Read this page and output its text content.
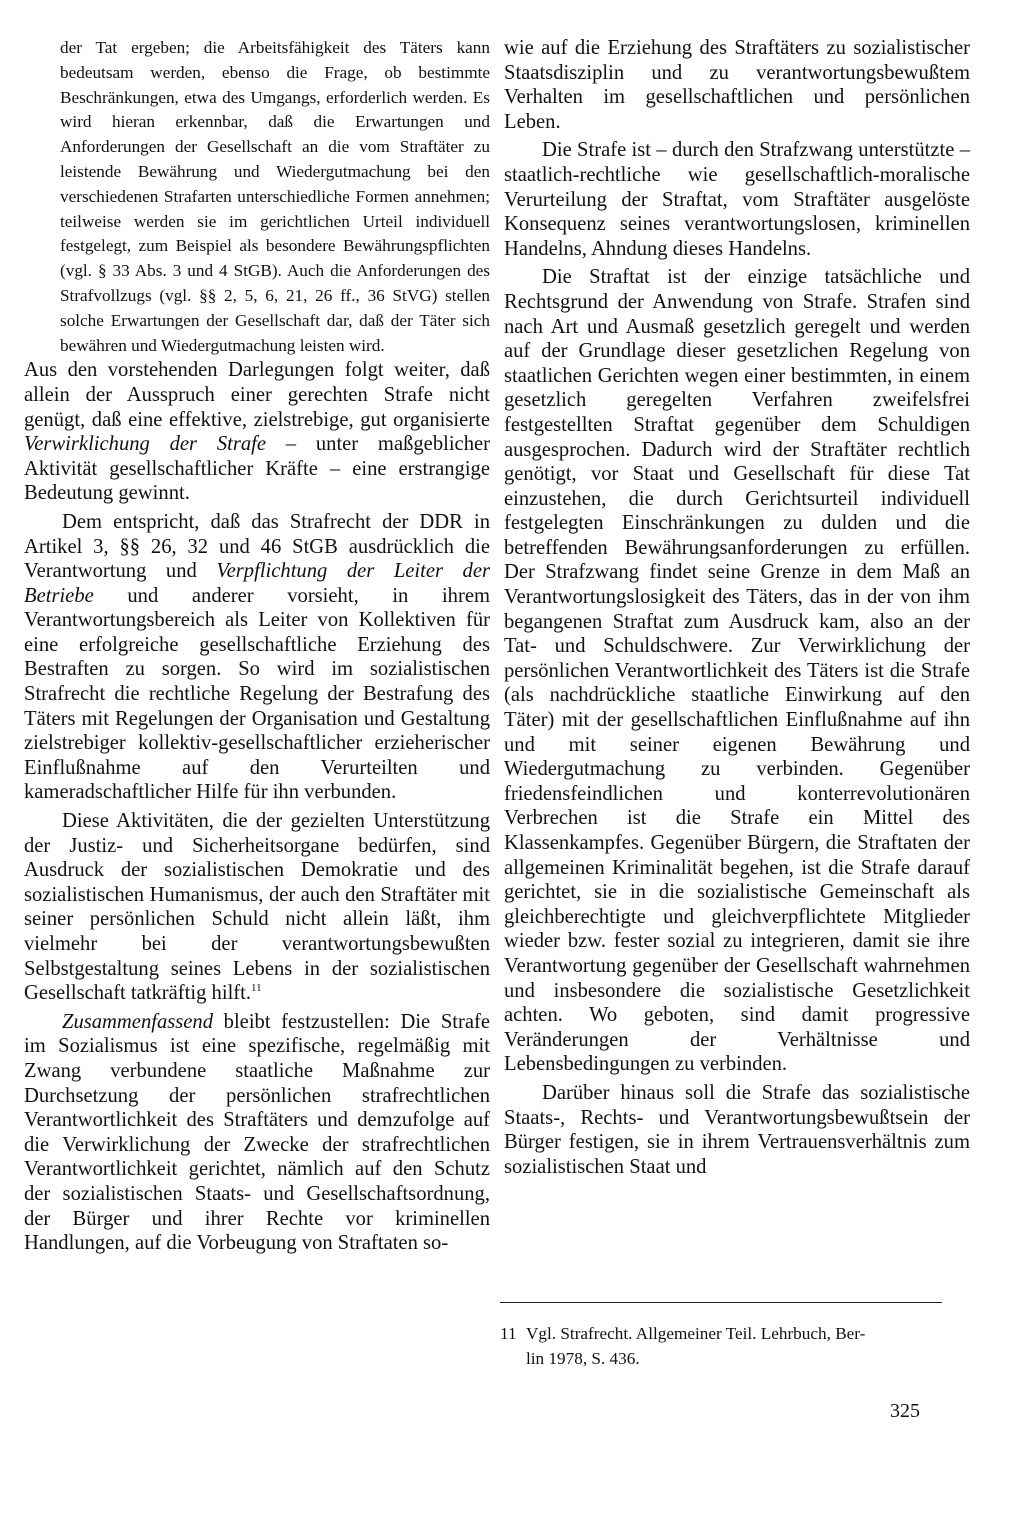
der Tat ergeben; die Arbeitsfähigkeit des Täters kann bedeutsam werden, ebenso die Frage, ob bestimmte Beschränkungen, etwa des Umgangs, erforderlich werden. Es wird hieran erkennbar, daß die Erwartungen und Anforderungen der Gesellschaft an die vom Straftäter zu leistende Bewährung und Wiedergutmachung bei den verschiedenen Strafarten unterschiedliche Formen annehmen; teilweise werden sie im gerichtlichen Urteil individuell festgelegt, zum Beispiel als besondere Bewährungspflichten (vgl. § 33 Abs. 3 und 4 StGB). Auch die Anforderungen des Strafvollzugs (vgl. §§ 2, 5, 6, 21, 26 ff., 36 StVG) stellen solche Erwartungen der Gesellschaft dar, daß der Täter sich bewähren und Wiedergutmachung leisten wird.

Aus den vorstehenden Darlegungen folgt weiter, daß allein der Ausspruch einer gerechten Strafe nicht genügt, daß eine effektive, zielstrebige, gut organisierte Verwirklichung der Strafe – unter maßgeblicher Aktivität gesellschaftlicher Kräfte – eine erstrangige Bedeutung gewinnt.

Dem entspricht, daß das Strafrecht der DDR in Artikel 3, §§ 26, 32 und 46 StGB ausdrücklich die Verantwortung und Verpflichtung der Leiter der Betriebe und anderer vorsieht, in ihrem Verantwortungsbereich als Leiter von Kollektiven für eine erfolgreiche gesellschaftliche Erziehung des Bestraften zu sorgen. So wird im sozialistischen Strafrecht die rechtliche Regelung der Bestrafung des Täters mit Regelungen der Organisation und Gestaltung zielstrebiger kollektiv-gesellschaftlicher erzieherischer Einflußnahme auf den Verurteilten und kameradschaftlicher Hilfe für ihn verbunden.

Diese Aktivitäten, die der gezielten Unterstützung der Justiz- und Sicherheitsorgane bedürfen, sind Ausdruck der sozialistischen Demokratie und des sozialistischen Humanismus, der auch den Straftäter mit seiner persönlichen Schuld nicht allein läßt, ihm vielmehr bei der verantwortungsbewußten Selbstgestaltung seines Lebens in der sozialistischen Gesellschaft tatkräftig hilft.$^{11}$

Zusammenfassend bleibt festzustellen: Die Strafe im Sozialismus ist eine spezifische, regelmäßig mit Zwang verbundene staatliche Maßnahme zur Durchsetzung der persönlichen strafrechtlichen Verantwortlichkeit des Straftäters und demzufolge auf die Verwirklichung der Zwecke der strafrechtlichen Verantwortlichkeit gerichtet, nämlich auf den Schutz der sozialistischen Staats- und Gesellschaftsordnung, der Bürger und ihrer Rechte vor kriminellen Handlungen, auf die Vorbeugung von Straftaten so-

wie auf die Erziehung des Straftäters zu sozialistischer Staatsdisziplin und zu verantwortungsbewußtem Verhalten im gesellschaftlichen und persönlichen Leben.

Die Strafe ist – durch den Strafzwang unterstützte – staatlich-rechtliche wie gesellschaftlich-moralische Verurteilung der Straftat, vom Straftäter ausgelöste Konsequenz seines verantwortungslosen, kriminellen Handelns, Ahndung dieses Handelns.

Die Straftat ist der einzige tatsächliche und Rechtsgrund der Anwendung von Strafe. Strafen sind nach Art und Ausmaß gesetzlich geregelt und werden auf der Grundlage dieser gesetzlichen Regelung von staatlichen Gerichten wegen einer bestimmten, in einem gesetzlich geregelten Verfahren zweifelsfrei festgestellten Straftat gegenüber dem Schuldigen ausgesprochen. Dadurch wird der Straftäter rechtlich genötigt, vor Staat und Gesellschaft für diese Tat einzustehen, die durch Gerichtsurteil individuell festgelegten Einschränkungen zu dulden und die betreffenden Bewährungsanforderungen zu erfüllen. Der Strafzwang findet seine Grenze in dem Maß an Verantwortungslosigkeit des Täters, das in der von ihm begangenen Straftat zum Ausdruck kam, also an der Tat- und Schuldschwere. Zur Verwirklichung der persönlichen Verantwortlichkeit des Täters ist die Strafe (als nachdrückliche staatliche Einwirkung auf den Täter) mit der gesellschaftlichen Einflußnahme auf ihn und mit seiner eigenen Bewährung und Wiedergutmachung zu verbinden. Gegenüber friedensfeindlichen und konterrevolutionären Verbrechen ist die Strafe ein Mittel des Klassenkampfes. Gegenüber Bürgern, die Straftaten der allgemeinen Kriminalität begehen, ist die Strafe darauf gerichtet, sie in die sozialistische Gemeinschaft als gleichberechtigte und gleichverpflichtete Mitglieder wieder bzw. fester sozial zu integrieren, damit sie ihre Verantwortung gegenüber der Gesellschaft wahrnehmen und insbesondere die sozialistische Gesetzlichkeit achten. Wo geboten, sind damit progressive Veränderungen der Verhältnisse und Lebensbedingungen zu verbinden.

Darüber hinaus soll die Strafe das sozialistische Staats-, Rechts- und Verantwortungsbewußtsein der Bürger festigen, sie in ihrem Vertrauensverhältnis zum sozialistischen Staat und

11 Vgl. Strafrecht. Allgemeiner Teil. Lehrbuch, Ber-
lin 1978, S. 436.
325
